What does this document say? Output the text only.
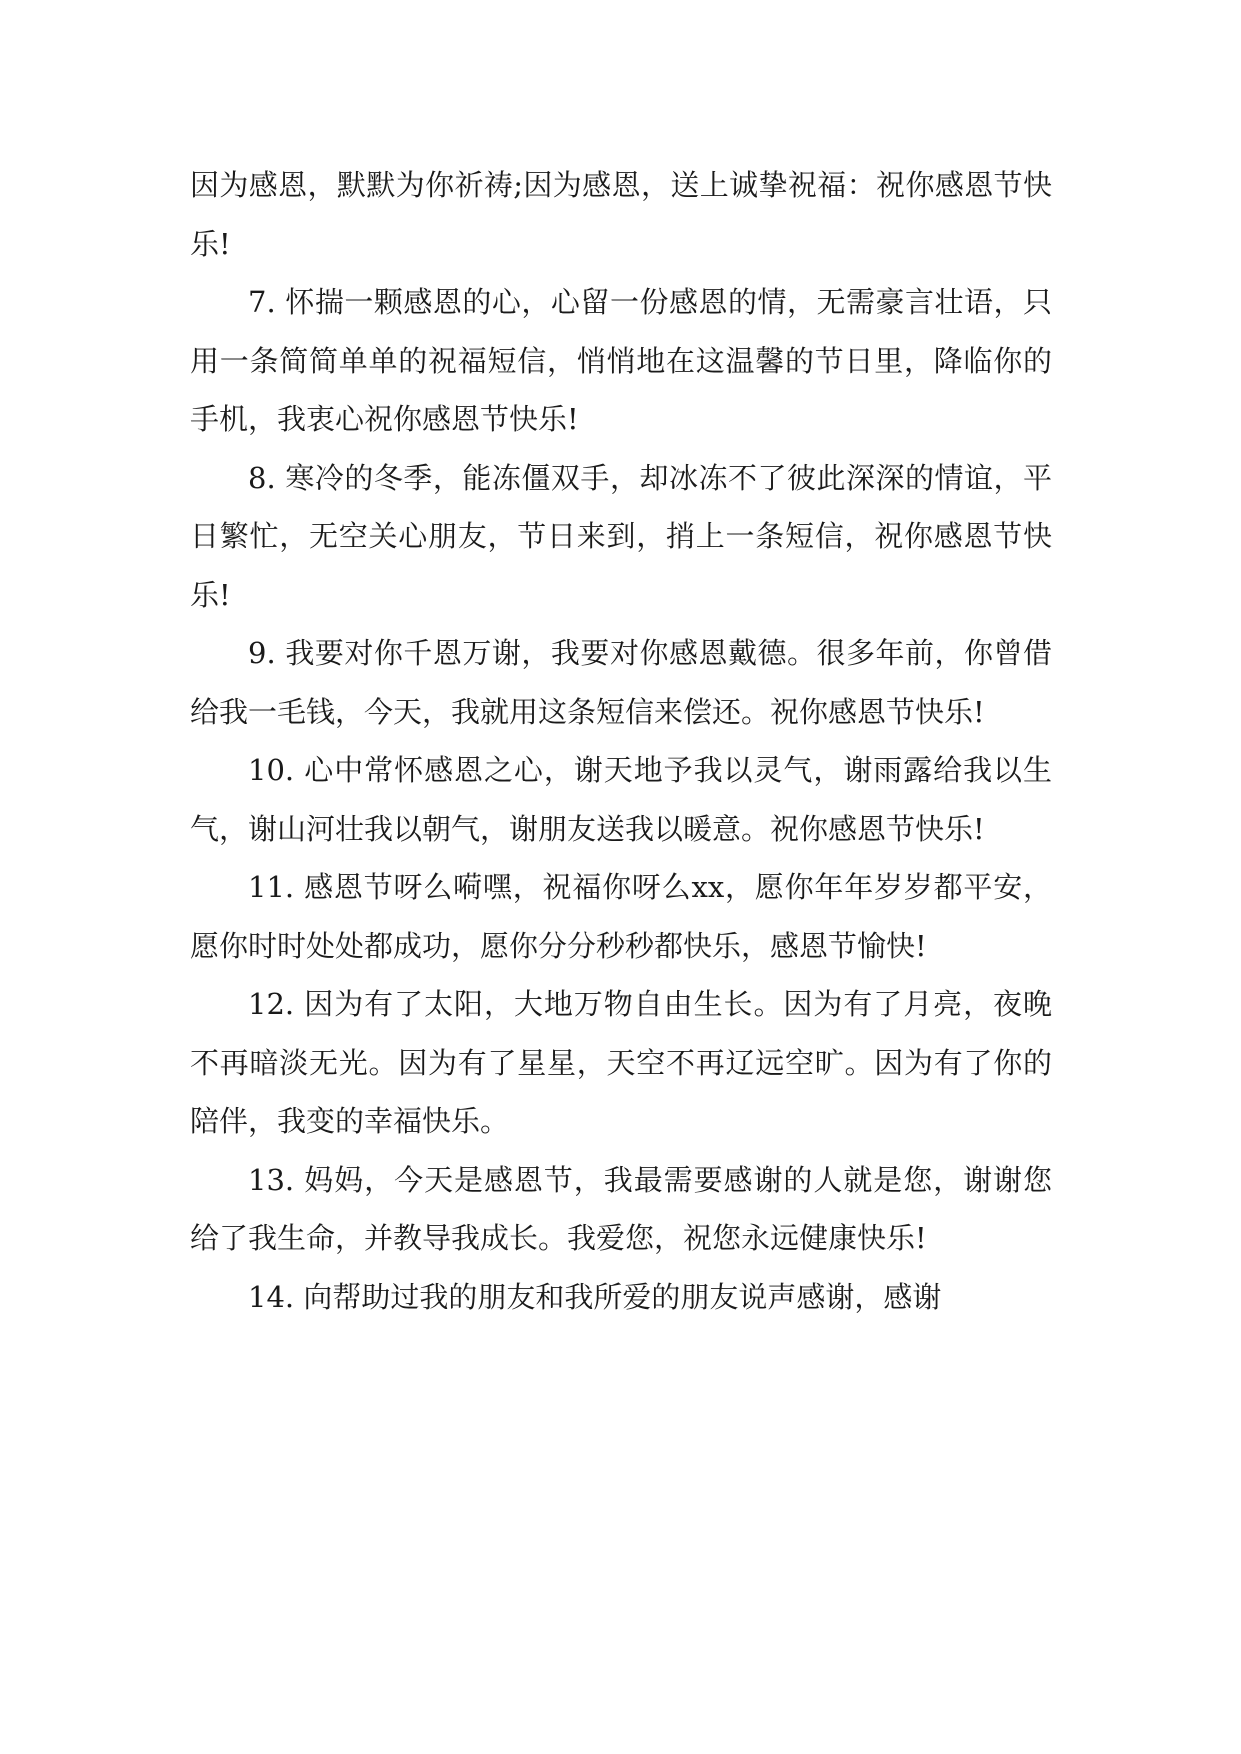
因为感恩，默默为你祈祷;因为感恩，送上诚挚祝福：祝你感恩节快乐!

7. 怀揣一颗感恩的心，心留一份感恩的情，无需豪言壮语，只用一条简简单单的祝福短信，悄悄地在这温馨的节日里，降临你的手机，我衷心祝你感恩节快乐!

8. 寒冷的冬季，能冻僵双手，却冰冻不了彼此深深的情谊，平日繁忙，无空关心朋友，节日来到，捎上一条短信，祝你感恩节快乐!

9. 我要对你千恩万谢，我要对你感恩戴德。很多年前，你曾借给我一毛钱，今天，我就用这条短信来偿还。祝你感恩节快乐!

10. 心中常怀感恩之心，谢天地予我以灵气，谢雨露给我以生气，谢山河壮我以朝气，谢朋友送我以暖意。祝你感恩节快乐!

11. 感恩节呀么嗬嘿，祝福你呀么xx，愿你年年岁岁都平安，愿你时时处处都成功，愿你分分秒秒都快乐，感恩节愉快!

12. 因为有了太阳，大地万物自由生长。因为有了月亮，夜晚不再暗淡无光。因为有了星星，天空不再辽远空旷。因为有了你的陪伴，我变的幸福快乐。

13. 妈妈，今天是感恩节，我最需要感谢的人就是您，谢谢您给了我生命，并教导我成长。我爱您，祝您永远健康快乐!

14. 向帮助过我的朋友和我所爱的朋友说声感谢，感谢
